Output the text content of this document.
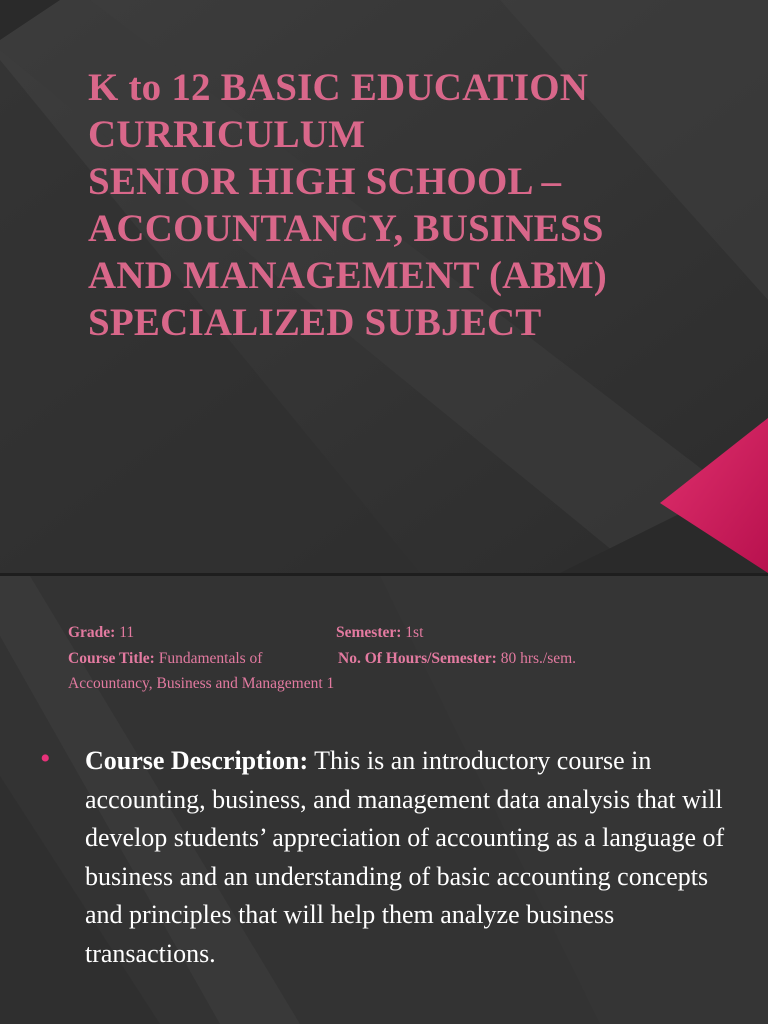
K to 12 BASIC EDUCATION
CURRICULUM
SENIOR HIGH SCHOOL –
ACCOUNTANCY, BUSINESS
AND MANAGEMENT (ABM)
SPECIALIZED SUBJECT
Grade: 11	Semester: 1st
Course Title: Fundamentals of	No. Of Hours/Semester: 80 hrs./sem.
Accountancy, Business and Management 1
• Course Description: This is an introductory course in accounting, business, and management data analysis that will develop students’ appreciation of accounting as a language of business and an understanding of basic accounting concepts and principles that will help them analyze business transactions.
